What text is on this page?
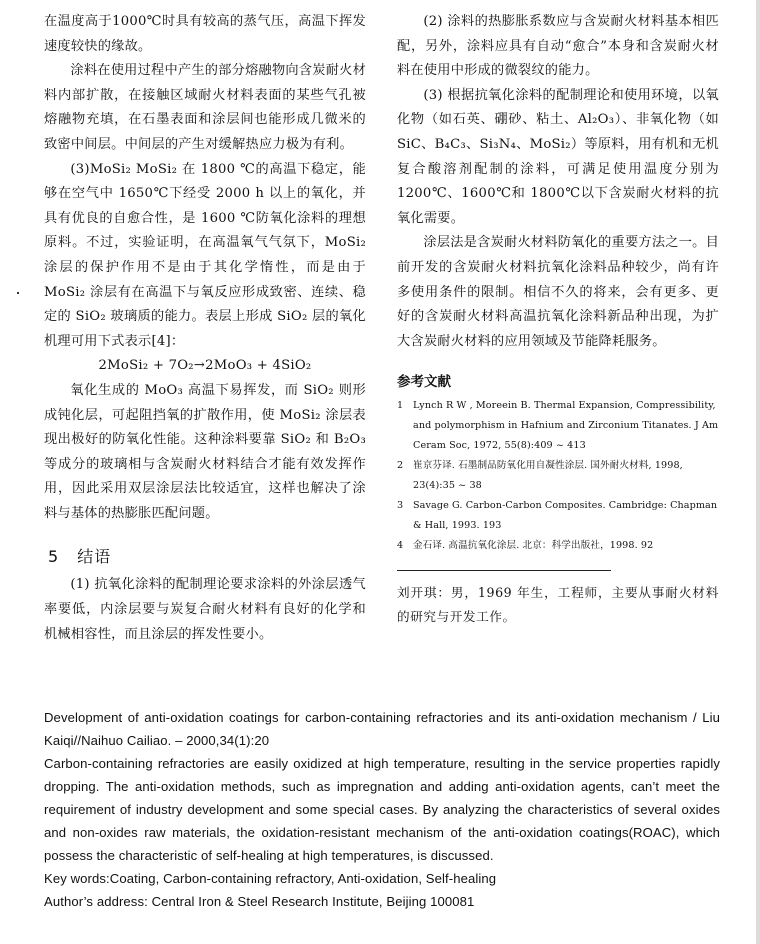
在温度高于1000℃时具有较高的蒸气压，高温下挥发速度较快的缘故。

涂料在使用过程中产生的部分熔融物向含炭耐火材料内部扩散，在接触区域耐火材料表面的某些气孔被熔融物充填，在石墨表面和涂层间也能形成几微米的致密中间层。中间层的产生对缓解热应力极为有利。

(3)MoSi₂ MoSi₂ 在 1800 ℃的高温下稳定，能够在空气中 1650℃下经受 2000 h 以上的氧化，并具有优良的自愈合性，是 1600 ℃防氧化涂料的理想原料。不过，实验证明，在高温氧气气氛下，MoSi₂ 涂层的保护作用不是由于其化学惰性，而是由于 MoSi₂ 涂层有在高温下与氧反应形成致密、连续、稳定的 SiO₂ 玻璃质的能力。表层上形成 SiO₂ 层的氧化机理可用下式表示[4]：

2MoSi₂ + 7O₂→2MoO₃ + 4SiO₂

氧化生成的 MoO₃ 高温下易挥发，而 SiO₂ 则形成钝化层，可起阻挡氧的扩散作用，使 MoSi₂ 涂层表现出极好的防氧化性能。这种涂料要靠 SiO₂ 和 B₂O₃ 等成分的玻璃相与含炭耐火材料结合才能有效发挥作用，因此采用双层涂层法比较适宜，这样也解决了涂料与基体的热膨胀匹配问题。

5 结语

(1) 抗氧化涂料的配制理论要求涂料的外涂层透气率要低，内涂层要与炭复合耐火材料有良好的化学和机械相容性，而且涂层的挥发性要小。

(2) 涂料的热膨胀系数应与含炭耐火材料基本相匹配，另外，涂料应具有自动“愈合”本身和含炭耐火材料在使用中形成的微裂纹的能力。

(3) 根据抗氧化涂料的配制理论和使用环境，以氧化物（如石英、硼砂、粘土、Al₂O₃）、非氧化物（如 SiC、B₄C₃、Si₃N₄、MoSi₂）等原料，用有机和无机复合酸溶剂配制的涂料，可满足使用温度分别为 1200℃、1600℃和 1800℃以下含炭耐火材料的抗氧化需要。

涂层法是含炭耐火材料防氧化的重要方法之一。目前开发的含炭耐火材料抗氧化涂料品种较少，尚有许多使用条件的限制。相信不久的将来，会有更多、更好的含炭耐火材料高温抗氧化涂料新品种出现，为扩大含炭耐火材料的应用领域及节能降耗服务。

参考文献
1 Lynch R W , Moreein B. Thermal Expansion, Compressibility, and polymorphism in Hafnium and Zirconium Titanates. J Am Ceram Soc, 1972, 55(8):409 ~ 413
2 崔京芬译. 石墨制品防氧化用自凝性涂层. 国外耐火材料, 1998, 23(4):35 ~ 38
3 Savage G. Carbon-Carbon Composites. Cambridge: Chapman & Hall, 1993. 193
4 金石译. 高温抗氧化涂层. 北京：科学出版社，1998. 92

刘开琪：男，1969 年生，工程师，主要从事耐火材料的研究与开发工作。

Development of anti-oxidation coatings for carbon-containing refractories and its anti-oxidation mechanism / Liu Kaiqi//Naihuo Cailiao. – 2000,34(1):20

Carbon-containing refractories are easily oxidized at high temperature, resulting in the service properties rapidly dropping. The anti-oxidation methods, such as impregnation and adding anti-oxidation agents, can’t meet the requirement of industry development and some special cases. By analyzing the characteristics of several oxides and non-oxides raw materials, the oxidation-resistant mechanism of the anti-oxidation coatings(ROAC), which possess the characteristic of self-healing at high temperatures, is discussed.

Key words:Coating, Carbon-containing refractory, Anti-oxidation, Self-healing

Author’s address: Central Iron & Steel Research Institute, Beijing 100081
